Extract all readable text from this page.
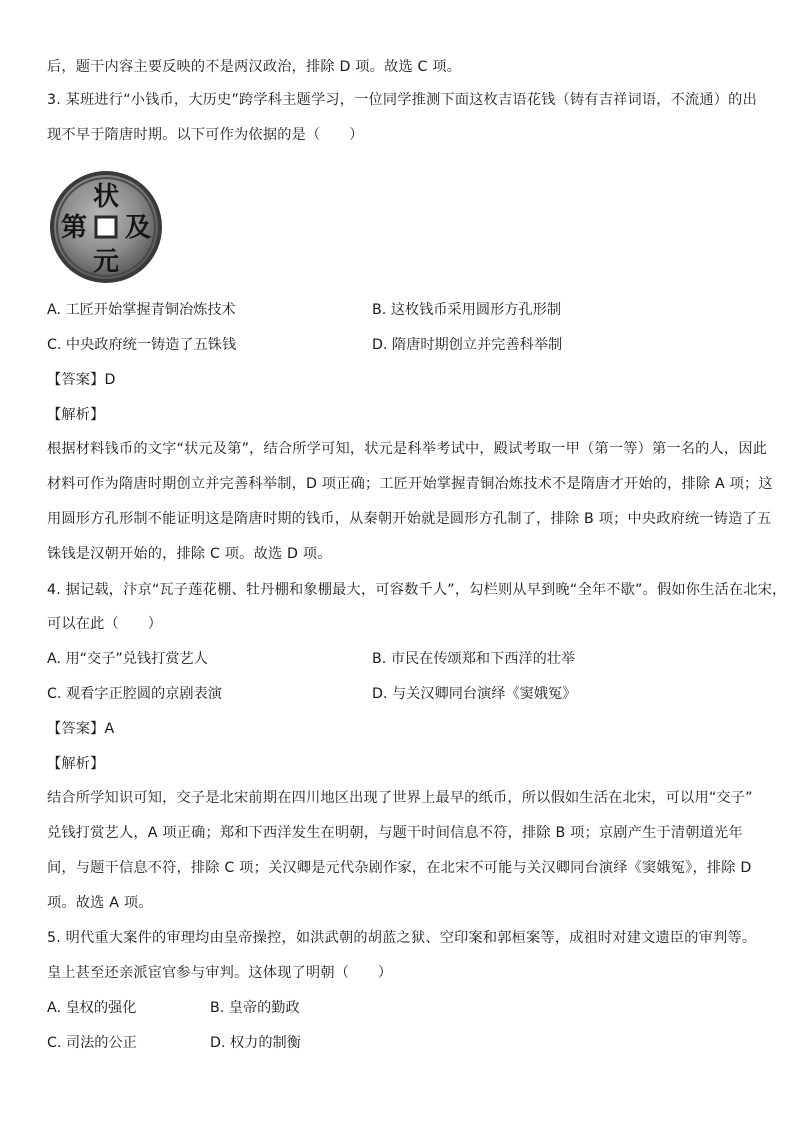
后，题干内容主要反映的不是两汉政治，排除 D 项。故选 C 项。
3. 某班进行“小钱币，大历史”跨学科主题学习，一位同学推测下面这枚吉语花钱（铸有吉祥词语，不流通）的出
现不早于隋唐时期。以下可作为依据的是（　　）
状
元
及
第
A. 工匠开始掌握青铜冶炼技术	B. 这枚钱币采用圆形方孔形制
C. 中央政府统一铸造了五铢钱	D. 隋唐时期创立并完善科举制
【答案】D
【解析】
根据材料钱币的文字“状元及第”，结合所学可知，状元是科举考试中，殿试考取一甲（第一等）第一名的人，因此
材料可作为隋唐时期创立并完善科举制，D 项正确；工匠开始掌握青铜冶炼技术不是隋唐才开始的，排除 A 项；这
用圆形方孔形制不能证明这是隋唐时期的钱币，从秦朝开始就是圆形方孔制了，排除 B 项；中央政府统一铸造了五
铢钱是汉朝开始的，排除 C 项。故选 D 项。
4. 据记载，汴京“瓦子莲花棚、牡丹棚和象棚最大，可容数千人”，勾栏则从早到晚“全年不歇”。假如你生活在北宋，
可以在此（　　）
A. 用“交子”兑钱打赏艺人	B. 市民在传颂郑和下西洋的壮举
C. 观看字正腔圆的京剧表演	D. 与关汉卿同台演绎《窦娥冤》
【答案】A
【解析】
结合所学知识可知，交子是北宋前期在四川地区出现了世界上最早的纸币，所以假如生活在北宋，可以用“交子”
兑钱打赏艺人，A 项正确；郑和下西洋发生在明朝，与题干时间信息不符，排除 B 项；京剧产生于清朝道光年
间，与题干信息不符，排除 C 项；关汉卿是元代杂剧作家，在北宋不可能与关汉卿同台演绎《窦娥冤》，排除 D
项。故选 A 项。
5. 明代重大案件的审理均由皇帝操控，如洪武朝的胡蓝之狱、空印案和郭桓案等，成祖时对建文遗臣的审判等。
皇上甚至还亲派宦官参与审判。这体现了明朝（　　）
A. 皇权的强化	B. 皇帝的勤政
C. 司法的公正	D. 权力的制衡
